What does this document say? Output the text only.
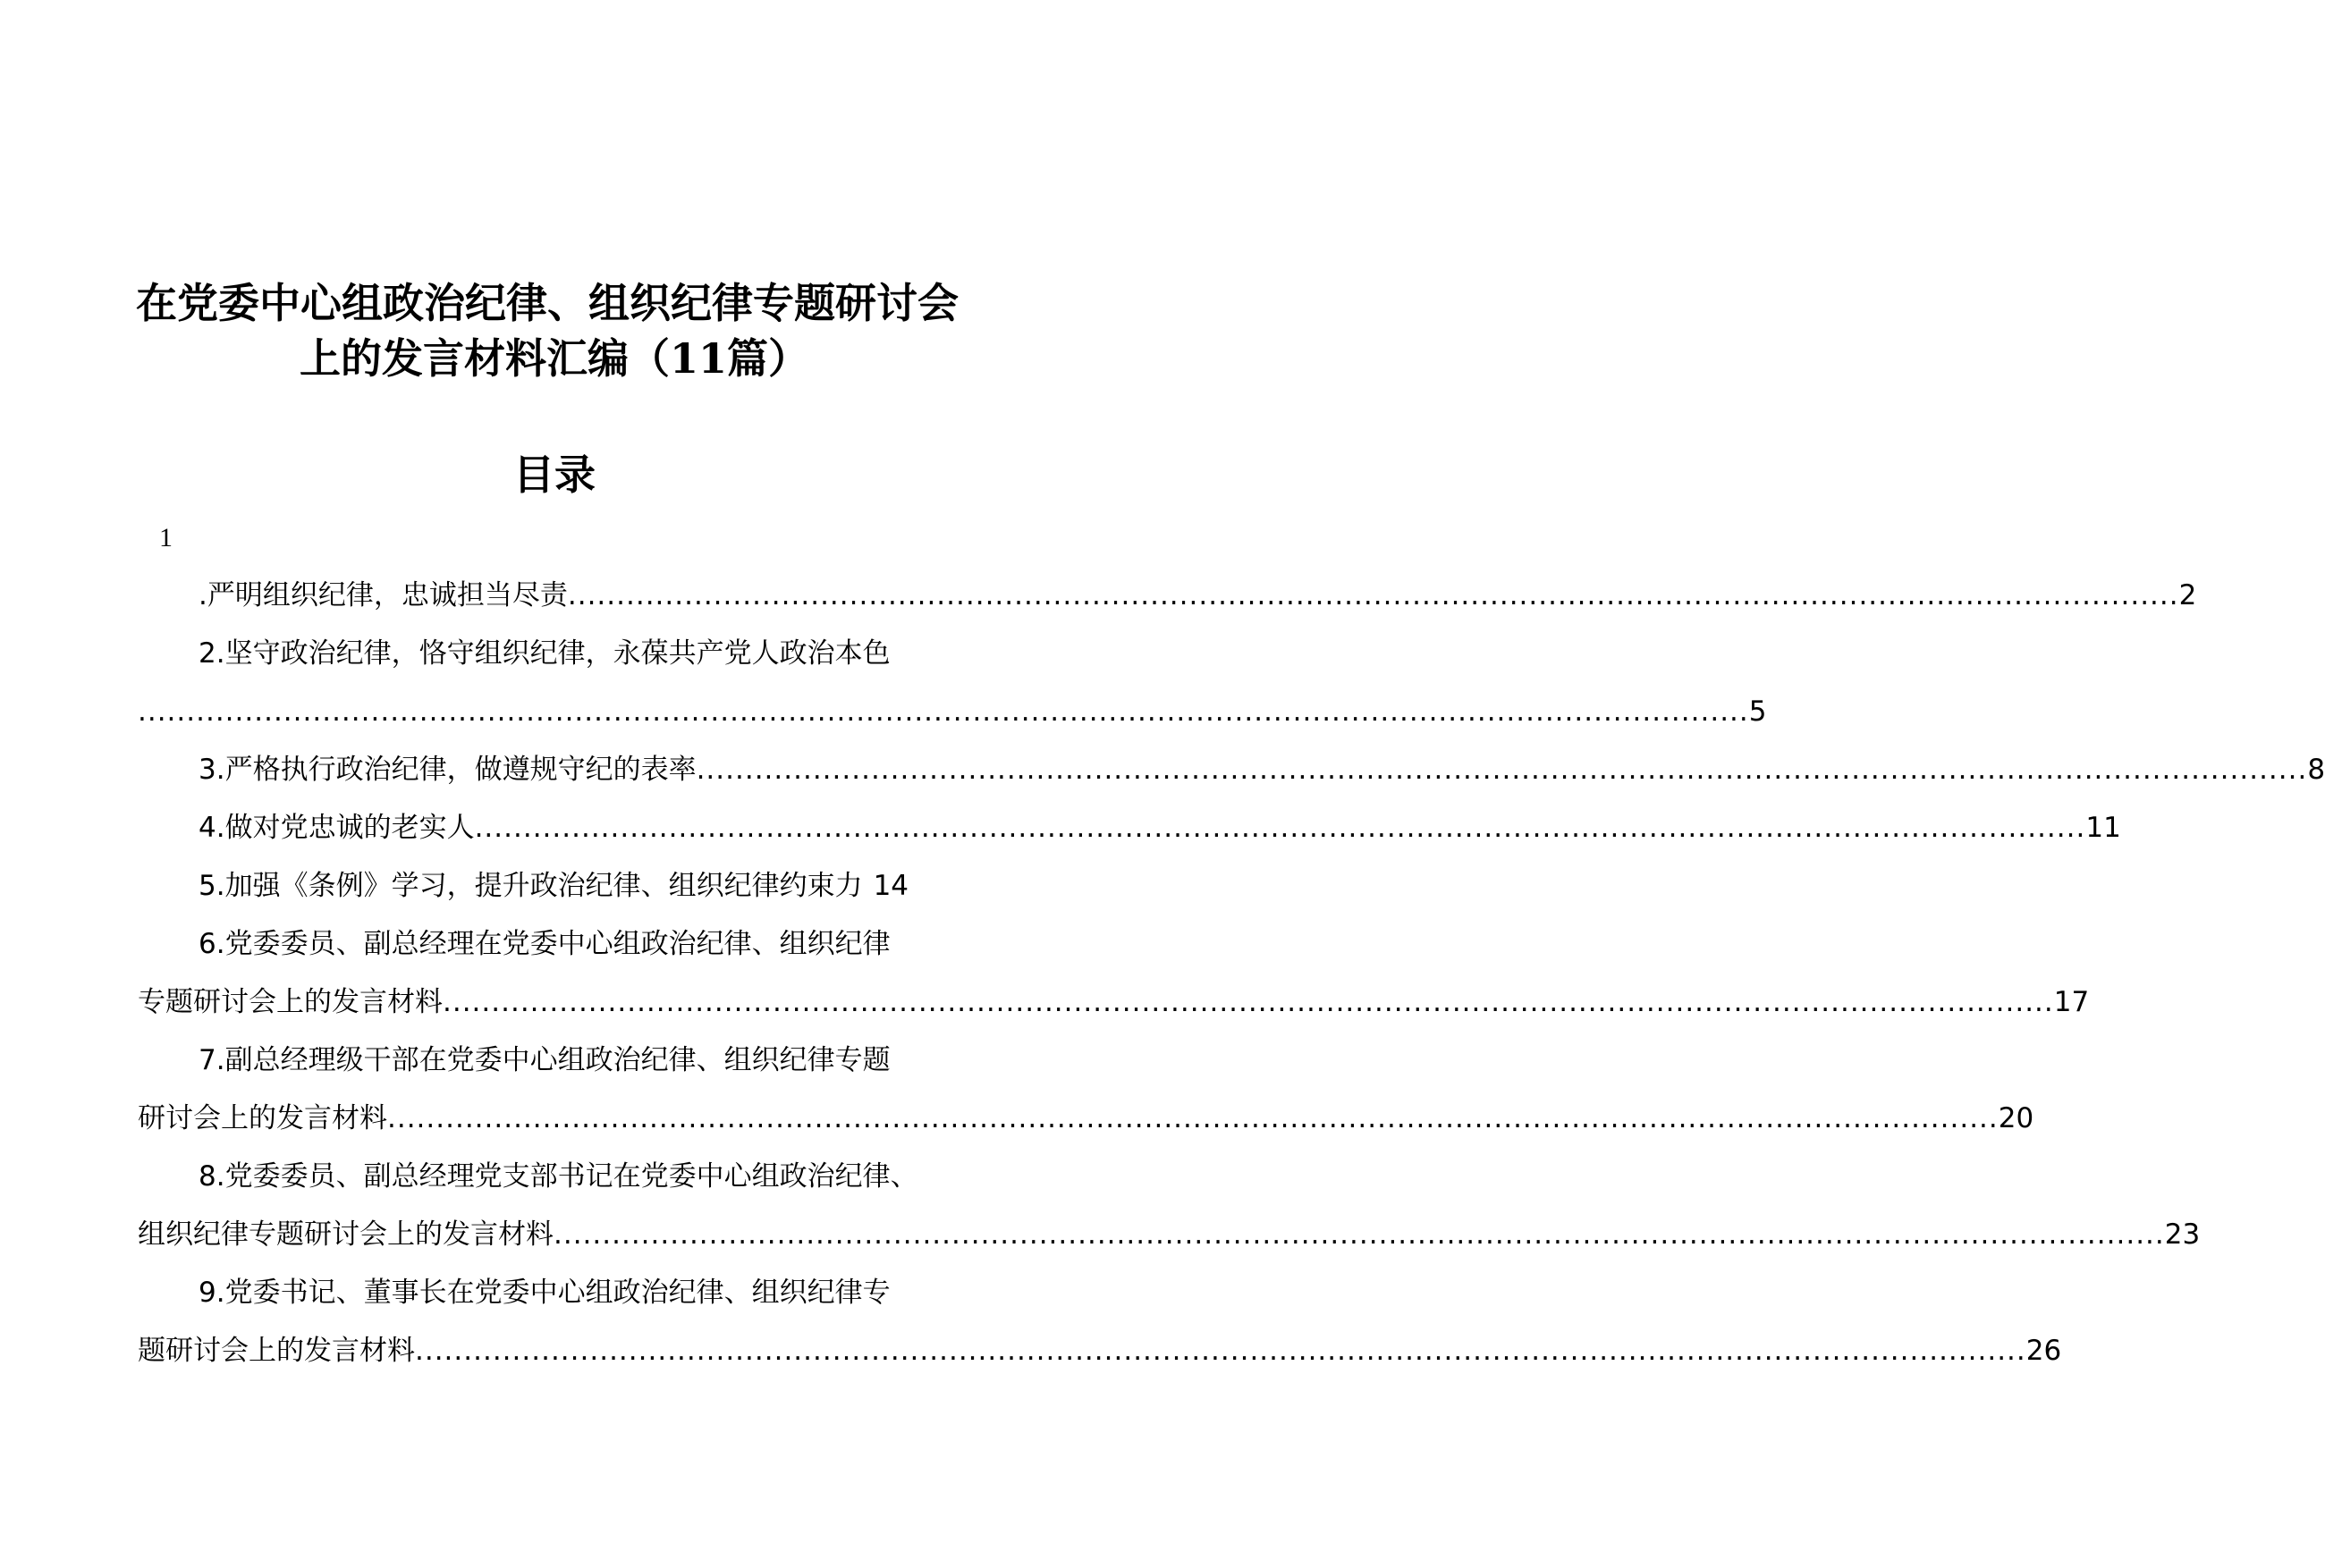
在党委中心组政治纪律、组织纪律专题研讨会
上的发言材料汇编（11篇）
目录
1
.严明组织纪律，忠诚担当尽责 ...................................................................................................................................................................... 2
2.坚守政治纪律，恪守组织纪律，永葆共产党人政治本色
...................................................................................................................................................................... 5
3.严格执行政治纪律，做遵规守纪的表率 ...................................................................................................................................................................... 8
4.做对党忠诚的老实人 ...................................................................................................................................................................... 11
5.加强《条例》学习，提升政治纪律、组织纪律约束力 14
6.党委委员、副总经理在党委中心组政治纪律、组织纪律
专题研讨会上的发言材料 ...................................................................................................................................................................... 17
7.副总经理级干部在党委中心组政治纪律、组织纪律专题
研讨会上的发言材料 ...................................................................................................................................................................... 20
8.党委委员、副总经理党支部书记在党委中心组政治纪律、
组织纪律专题研讨会上的发言材料 ...................................................................................................................................................................... 23
9.党委书记、董事长在党委中心组政治纪律、组织纪律专
题研讨会上的发言材料 ...................................................................................................................................................................... 26
